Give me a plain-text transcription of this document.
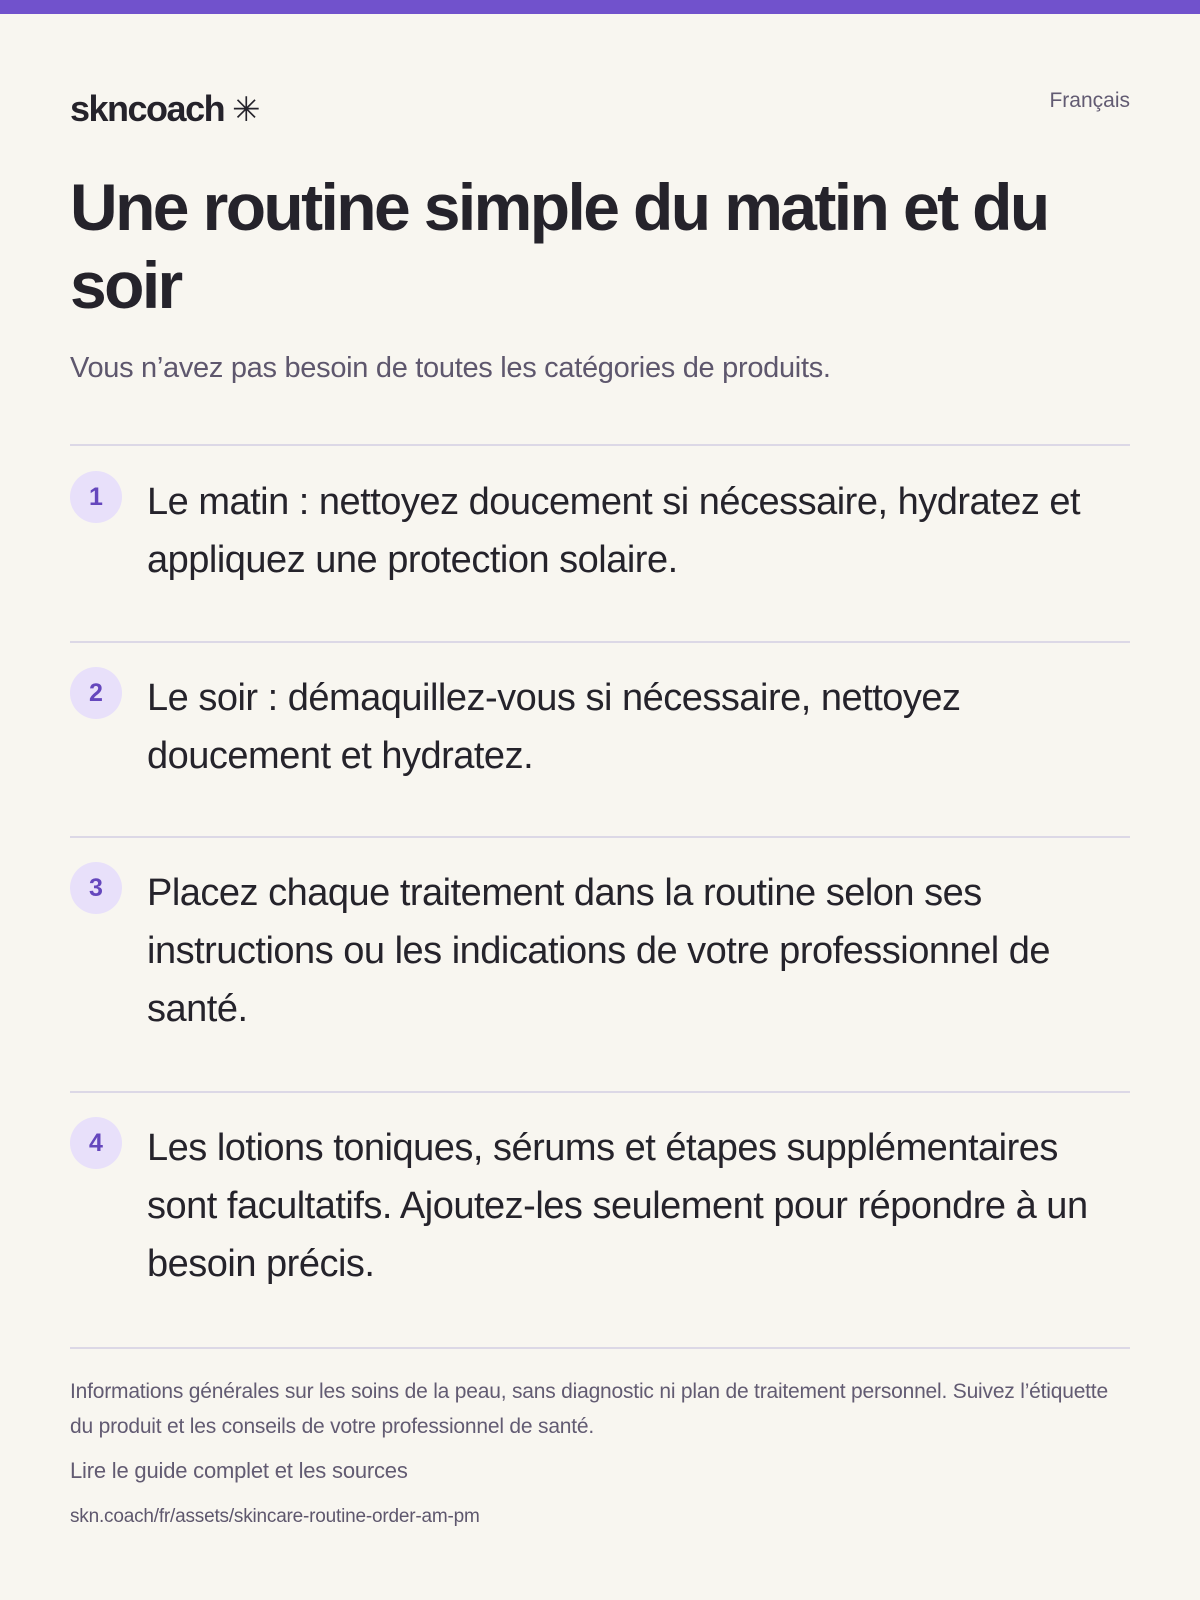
skncoach ✳	Français
Une routine simple du matin et du soir

Vous n’avez pas besoin de toutes les catégories de produits.

1	Le matin : nettoyez doucement si nécessaire, hydratez et appliquez une protection solaire.

2	Le soir : démaquillez-vous si nécessaire, nettoyez doucement et hydratez.

3	Placez chaque traitement dans la routine selon ses instructions ou les indications de votre professionnel de santé.

4	Les lotions toniques, sérums et étapes supplémentaires sont facultatifs. Ajoutez-les seulement pour répondre à un besoin précis.

Informations générales sur les soins de la peau, sans diagnostic ni plan de traitement personnel. Suivez l’étiquette du produit et les conseils de votre professionnel de santé.

Lire le guide complet et les sources

skn.coach/fr/assets/skincare-routine-order-am-pm
